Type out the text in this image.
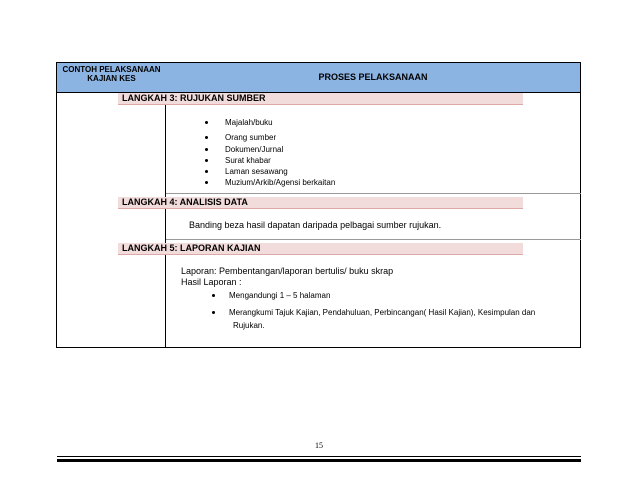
CONTOH PELAKSANAAN KAJIAN KES	PROSES PELAKSANAAN
LANGKAH 3: RUJUKAN SUMBER
Majalah/buku
Orang sumber
Dokumen/Jurnal
Surat khabar
Laman sesawang
Muzium/Arkib/Agensi berkaitan
LANGKAH 4: ANALISIS DATA
Banding beza hasil dapatan daripada pelbagai sumber rujukan.
LANGKAH 5: LAPORAN KAJIAN
Laporan: Pembentangan/laporan bertulis/ buku skrap
Hasil Laporan :
Mengandungi 1 – 5 halaman
Merangkumi Tajuk Kajian, Pendahuluan, Perbincangan( Hasil Kajian), Kesimpulan dan
Rujukan.
15
